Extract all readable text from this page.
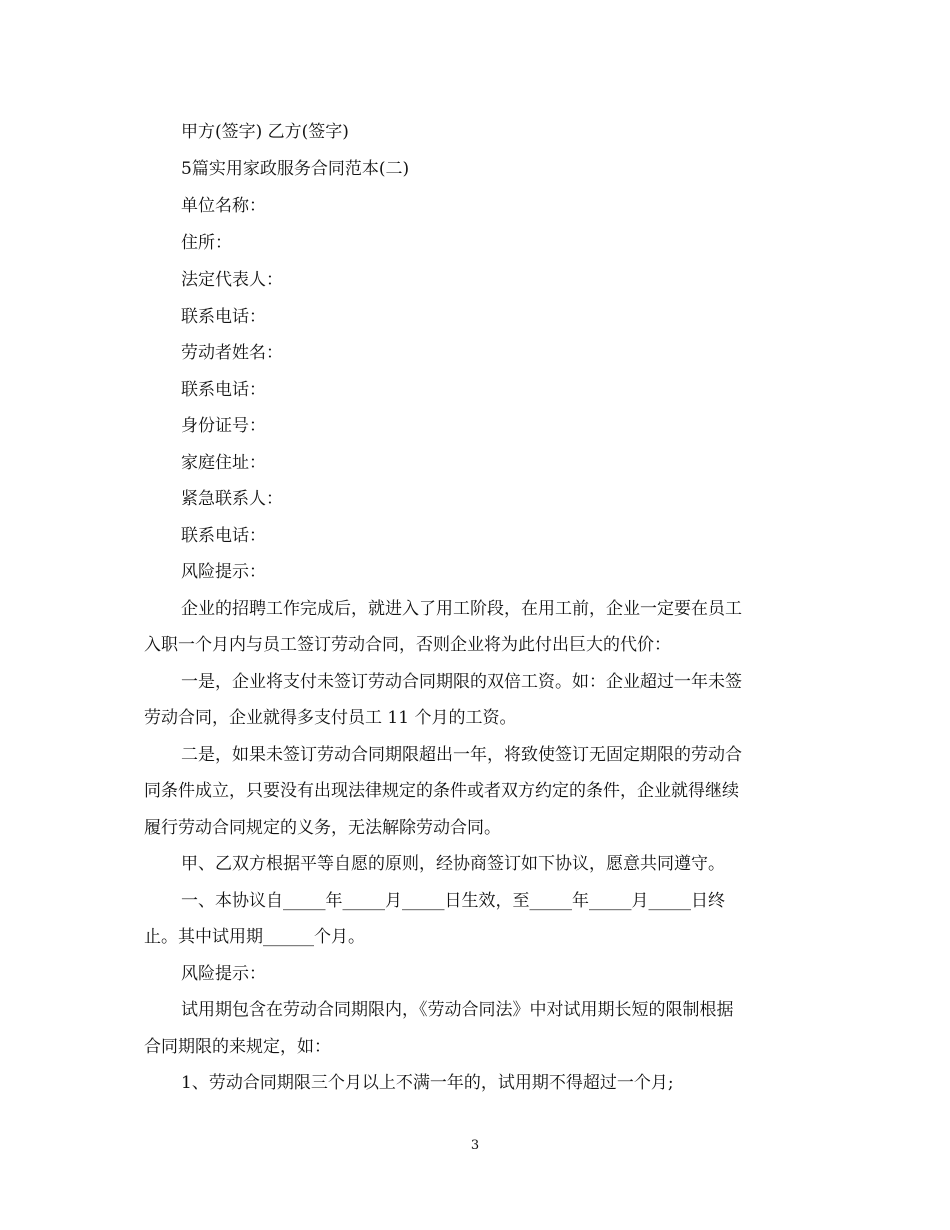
甲方(签字) 乙方(签字)
5篇实用家政服务合同范本(二)
单位名称：
住所：
法定代表人：
联系电话：
劳动者姓名：
联系电话：
身份证号：
家庭住址：
紧急联系人：
联系电话：
风险提示：
企业的招聘工作完成后，就进入了用工阶段，在用工前，企业一定要在员工
入职一个月内与员工签订劳动合同，否则企业将为此付出巨大的代价：
一是，企业将支付未签订劳动合同期限的双倍工资。如：企业超过一年未签
劳动合同，企业就得多支付员工 11 个月的工资。
二是，如果未签订劳动合同期限超出一年，将致使签订无固定期限的劳动合
同条件成立，只要没有出现法律规定的条件或者双方约定的条件，企业就得继续
履行劳动合同规定的义务，无法解除劳动合同。
甲、乙双方根据平等自愿的原则，经协商签订如下协议，愿意共同遵守。
一、本协议自_____年_____月_____日生效，至_____年_____月_____日终
止。其中试用期______个月。
风险提示：
试用期包含在劳动合同期限内，《劳动合同法》中对试用期长短的限制根据
合同期限的来规定，如：
1、劳动合同期限三个月以上不满一年的，试用期不得超过一个月;
3
